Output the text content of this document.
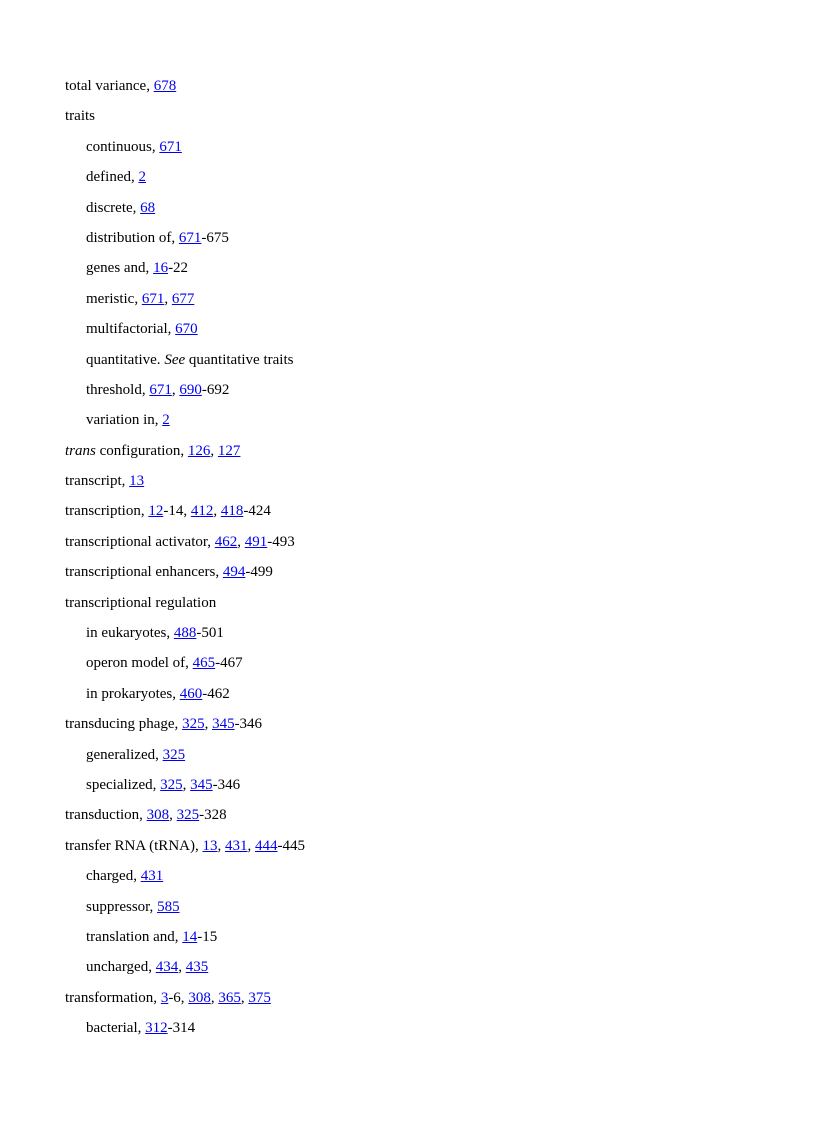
total variance, 678
traits
continuous, 671
defined, 2
discrete, 68
distribution of, 671-675
genes and, 16-22
meristic, 671, 677
multifactorial, 670
quantitative. See quantitative traits
threshold, 671, 690-692
variation in, 2
trans configuration, 126, 127
transcript, 13
transcription, 12-14, 412, 418-424
transcriptional activator, 462, 491-493
transcriptional enhancers, 494-499
transcriptional regulation
in eukaryotes, 488-501
operon model of, 465-467
in prokaryotes, 460-462
transducing phage, 325, 345-346
generalized, 325
specialized, 325, 345-346
transduction, 308, 325-328
transfer RNA (tRNA), 13, 431, 444-445
charged, 431
suppressor, 585
translation and, 14-15
uncharged, 434, 435
transformation, 3-6, 308, 365, 375
bacterial, 312-314
